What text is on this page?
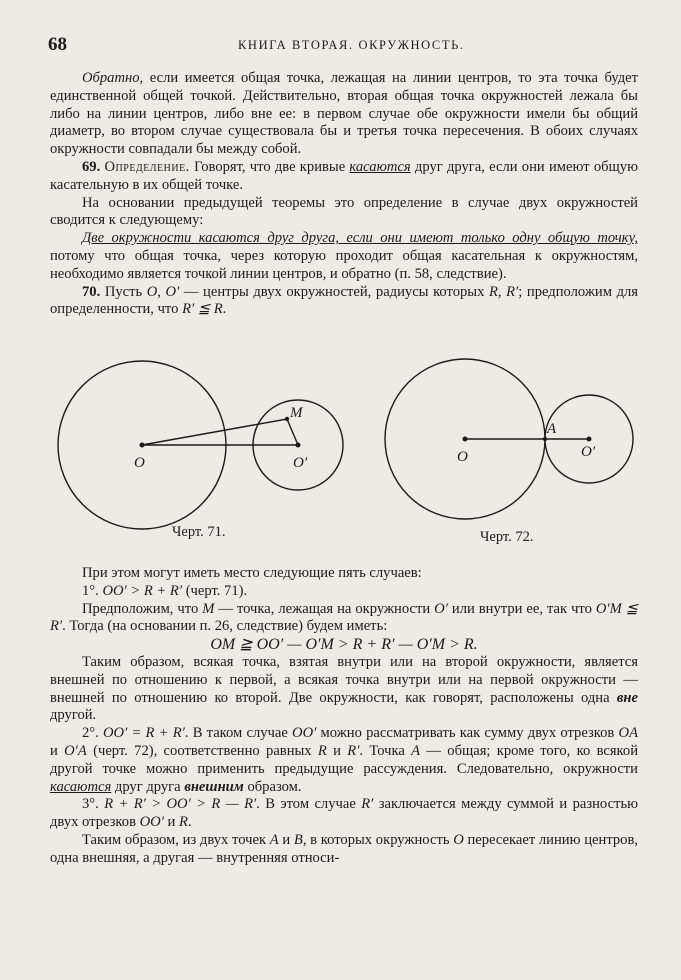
68	КНИГА ВТОРАЯ. ОКРУЖНОСТЬ.

Обратно, если имеется общая точка, лежащая на линии центров, то эта точка будет единственной общей точкой. Действительно, вторая общая точка окружностей лежала бы либо на линии центров, либо вне ее: в первом случае обе окружности имели бы общий диаметр, во втором случае существовала бы и третья точка пересечения. В обоих случаях окружности совпадали бы между собой.

69. Определение. Говорят, что две кривые касаются друг друга, если они имеют общую касательную в их общей точке.

На основании предыдущей теоремы это определение в случае двух окружностей сводится к следующему:

Две окружности касаются друг друга, если они имеют только одну общую точку, потому что общая точка, через которую проходит общая касательная к окружностям, необходимо является точкой линии центров, и обратно (п. 58, следствие).

70. Пусть O, O′ — центры двух окружностей, радиусы которых R, R′; предположим для определенности, что R′ ≦ R.

O	O′
M
O	O′
A
Черт. 71.	Черт. 72.

При этом могут иметь место следующие пять случаев:

1°. OO′ > R + R′ (черт. 71).

Предположим, что M — точка, лежащая на окружности O′ или внутри ее, так что O′M ≦ R′. Тогда (на основании п. 26, следствие) будем иметь:

OM ≧ OO′ — O′M > R + R′ — O′M > R.

Таким образом, всякая точка, взятая внутри или на второй окружности, является внешней по отношению к первой, а всякая точка внутри или на первой окружности — внешней по отношению ко второй. Две окружности, как говорят, расположены одна вне другой.

2°. OO′ = R + R′. В таком случае OO′ можно рассматривать как сумму двух отрезков OA и O′A (черт. 72), соответственно равных R и R′. Точка A — общая; кроме того, ко всякой другой точке можно применить предыдущие рассуждения. Следовательно, окружности касаются друг друга внешним образом.

3°. R + R′ > OO′ > R — R′. В этом случае R′ заключается между суммой и разностью двух отрезков OO′ и R.

Таким образом, из двух точек A и B, в которых окружность O пересекает линию центров, одна внешняя, а другая — внутренняя относи-
